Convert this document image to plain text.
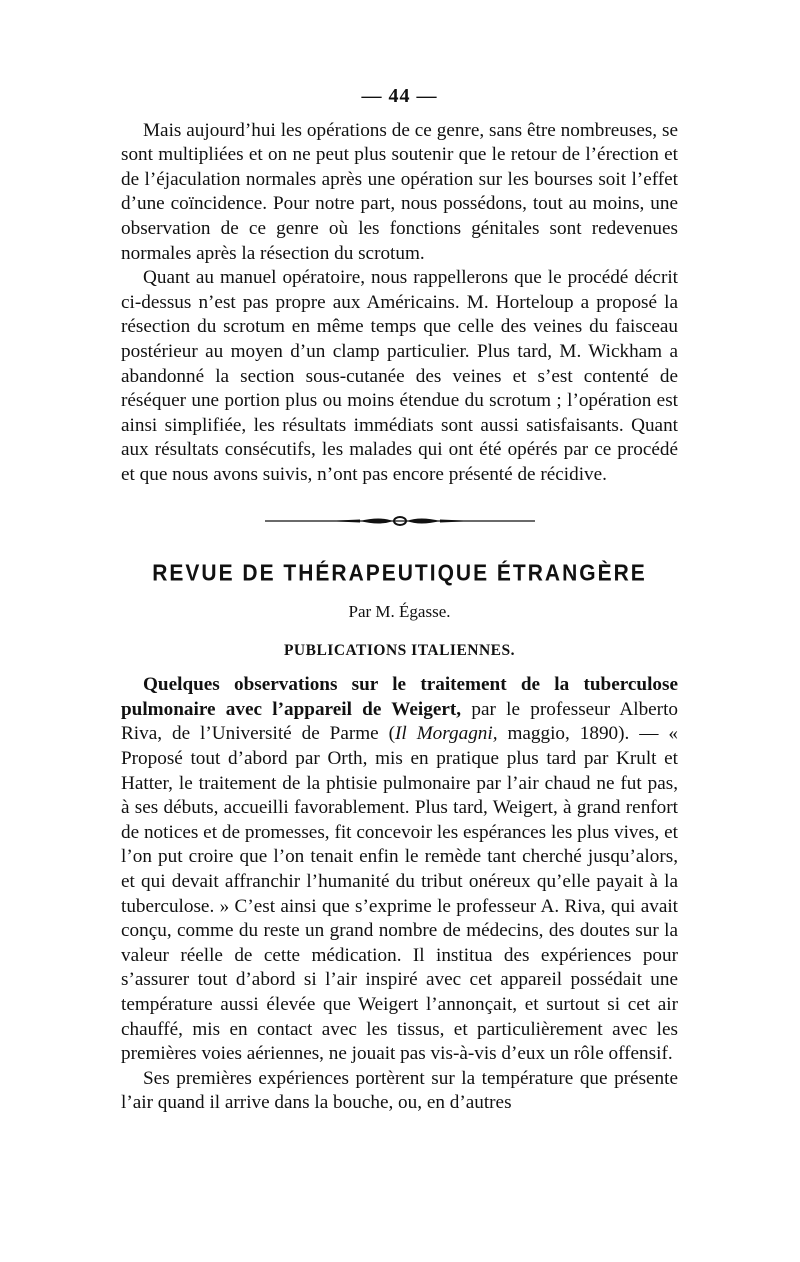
— 44 —

Mais aujourd’hui les opérations de ce genre, sans être nombreuses, se sont multipliées et on ne peut plus soutenir que le retour de l’érection et de l’éjaculation normales après une opération sur les bourses soit l’effet d’une coïncidence. Pour notre part, nous possédons, tout au moins, une observation de ce genre où les fonctions génitales sont redevenues normales après la résection du scrotum.

Quant au manuel opératoire, nous rappellerons que le procédé décrit ci-dessus n’est pas propre aux Américains. M. Horteloup a proposé la résection du scrotum en même temps que celle des veines du faisceau postérieur au moyen d’un clamp particulier. Plus tard, M. Wickham a abandonné la section sous-cutanée des veines et s’est contenté de réséquer une portion plus ou moins étendue du scrotum ; l’opération est ainsi simplifiée, les résultats immédiats sont aussi satisfaisants. Quant aux résultats consécutifs, les malades qui ont été opérés par ce procédé et que nous avons suivis, n’ont pas encore présenté de récidive.

REVUE DE THÉRAPEUTIQUE ÉTRANGÈRE
Par M. Égasse.
PUBLICATIONS ITALIENNES.

Quelques observations sur le traitement de la tuberculose pulmonaire avec l’appareil de Weigert, par le professeur Alberto Riva, de l’Université de Parme (Il Morgagni, maggio, 1890). — « Proposé tout d’abord par Orth, mis en pratique plus tard par Krult et Hatter, le traitement de la phtisie pulmonaire par l’air chaud ne fut pas, à ses débuts, accueilli favorablement. Plus tard, Weigert, à grand renfort de notices et de promesses, fit concevoir les espérances les plus vives, et l’on put croire que l’on tenait enfin le remède tant cherché jusqu’alors, et qui devait affranchir l’humanité du tribut onéreux qu’elle payait à la tuberculose. » C’est ainsi que s’exprime le professeur A. Riva, qui avait conçu, comme du reste un grand nombre de médecins, des doutes sur la valeur réelle de cette médication. Il institua des expériences pour s’assurer tout d’abord si l’air inspiré avec cet appareil possédait une température aussi élevée que Weigert l’annonçait, et surtout si cet air chauffé, mis en contact avec les tissus, et particulièrement avec les premières voies aériennes, ne jouait pas vis-à-vis d’eux un rôle offensif.

Ses premières expériences portèrent sur la température que présente l’air quand il arrive dans la bouche, ou, en d’autres
